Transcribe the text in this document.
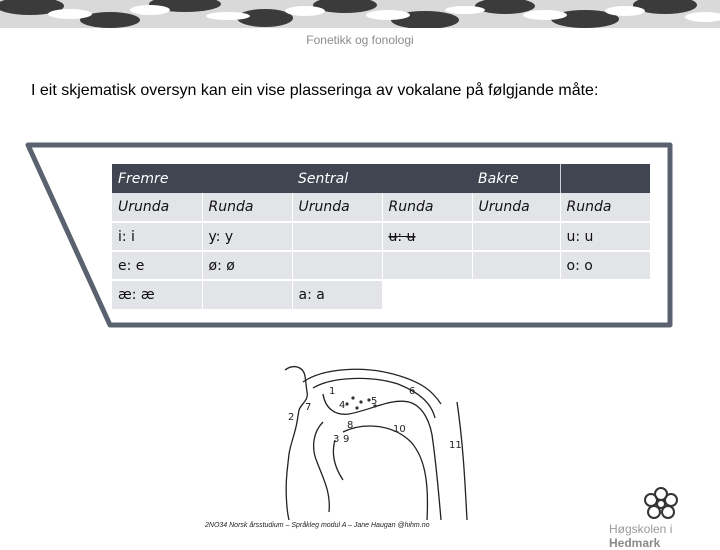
Fonetikk og fonologi
I eit skjematisk oversyn kan ein vise plasseringa av vokalane på følgjande måte:
Fremre		Sentral		Bakre	
Urunda	Runda	Urunda	Runda	Urunda	Runda
i: i	y: y		ʉ: ʉ		u: u
e: e	ø: ø				o: o
æ: æ		a: a			
1
2
3
4	5
6
7
8
9
10
11
2NO34 Norsk årsstudium – Språkleg modul A – Jane Haugan @hihm.no	Høgskolen i Hedmark
